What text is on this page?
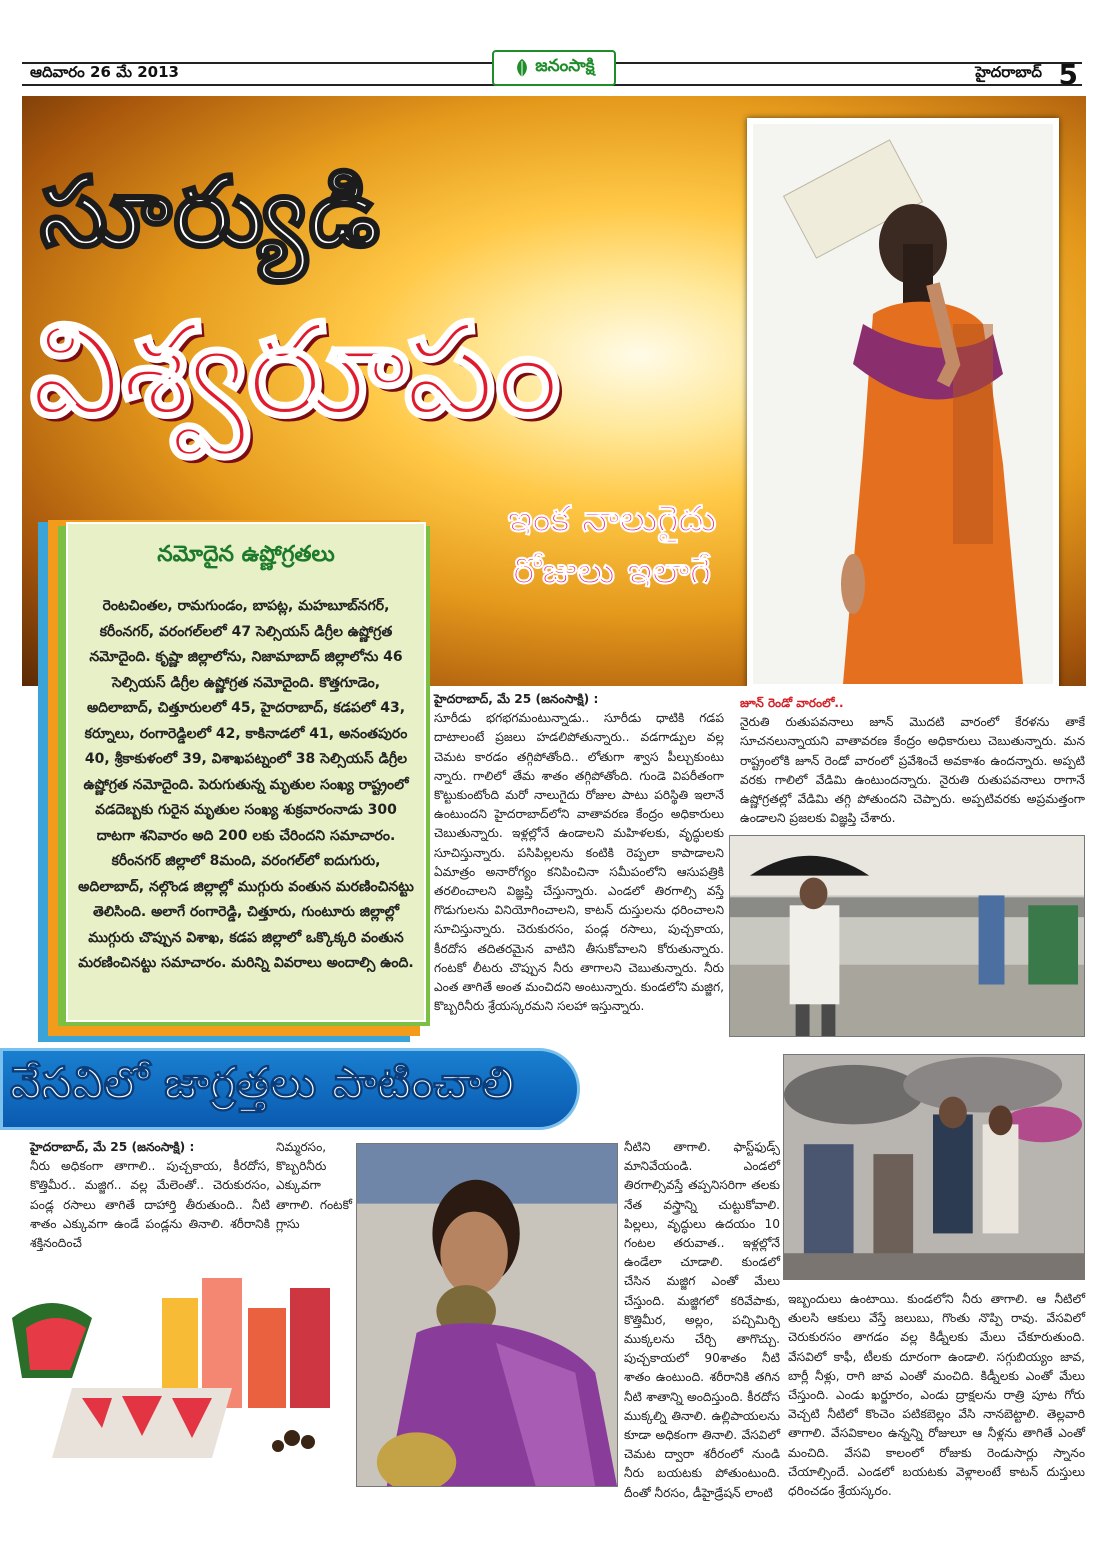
ఆదివారం 26 మే 2013	జనంసాక్షి	హైదరాబాద్ 5
సూర్యుడి
విశ్వరూపం
ఇంక నాలుగైదు
రోజులు ఇలాగే
నమోదైన ఉష్ణోగ్రతలు
రెంటచింతల, రామగుండం, బాపట్ల, మహబూబ్‌నగర్, కరీంనగర్, వరంగల్‌లలో 47 సెల్సియస్ డిగ్రీల ఉష్ణోగ్రత నమోదైంది. కృష్ణా జిల్లాలోను, నిజామాబాద్ జిల్లాలోను 46 సెల్సియస్ డిగ్రీల ఉష్ణోగ్రత నమోదైంది. కొత్తగూడెం, అదిలాబాద్, చిత్తూరులలో 45, హైదరాబాద్, కడపలో 43, కర్నూలు, రంగారెడ్డిలలో 42, కాకినాడలో 41, అనంతపురం 40, శ్రీకాకుళంలో 39, విశాఖపట్నంలో 38 సెల్సియస్ డిగ్రీల ఉష్ణోగ్రత నమోదైంది. పెరుగుతున్న మృతుల సంఖ్య రాష్ట్రంలో వడదెబ్బకు గురైన మృతుల సంఖ్య శుక్రవారంనాడు 300 దాటగా శనివారం అది 200 లకు చేరిందని సమాచారం. కరీంనగర్ జిల్లాలో 8మంది, వరంగల్‌లో ఐదుగురు, అదిలాబాద్, నల్గొండ జిల్లాల్లో ముగ్గురు వంతున మరణించినట్టు తెలిసింది. అలాగే రంగారెడ్డి, చిత్తూరు, గుంటూరు జిల్లాల్లో ముగ్గురు చొప్పున విశాఖ, కడప జిల్లాలో ఒక్కొక్కరి వంతున మరణించినట్టు సమాచారం. మరిన్ని వివరాలు అందాల్సి ఉంది.
హైదరాబాద్, మే 25 (జనంసాక్షి) :
సూరీడు భగభగమంటున్నాడు.. సూరీడు ధాటికి గడప దాటాలంటే ప్రజలు హడలిపోతున్నారు.. వడగాడ్పుల వల్ల చెమట కారడం తగ్గిపోతోంది.. లోతుగా శ్వాస పీల్చుకుంటు న్నారు. గాలిలో తేమ శాతం తగ్గిపోతోంది. గుండె విపరీతంగా కొట్టుకుంటోంది మరో నాలుగైదు రోజుల పాటు పరిస్థితి ఇలానే ఉంటుందని హైదరాబాద్‌లోని వాతావరణ కేంద్రం అధికారులు చెబుతున్నారు. ఇళ్లల్లోనే ఉండాలని మహిళలకు, వృద్ధులకు సూచిస్తున్నారు. పసిపిల్లలను కంటికి రెప్పలా కాపాడాలని ఏమాత్రం అనారోగ్యం కనిపించినా సమీపంలోని ఆసుపత్రికి తరలించాలని విజ్ఞప్తి చేస్తున్నారు. ఎండలో తిరగాల్సి వస్తే గొడుగులను వినియోగించాలని, కాటన్ దుస్తులను ధరించాలని సూచిస్తున్నారు. చెరుకురసం, పండ్ల రసాలు, పుచ్చకాయ, కీరదోస తదితరమైన వాటిని తీసుకోవాలని కోరుతున్నారు. గంటకో లీటరు చొప్పున నీరు తాగాలని చెబుతున్నారు. నీరు ఎంత తాగితే అంత మంచిదని అంటున్నారు. కుండలోని మజ్జిగ, కొబ్బరినీరు శ్రేయస్కరమని సలహా ఇస్తున్నారు.
జూన్ రెండో వారంలో..
నైరుతి రుతుపవనాలు జూన్ మొదటి వారంలో కేరళను తాకే సూచనలున్నాయని వాతావరణ కేంద్రం అధికారులు చెబుతున్నారు. మన రాష్ట్రంలోకి జూన్ రెండో వారంలో ప్రవేశించే అవకాశం ఉందన్నారు. అప్పటి వరకు గాలిలో వేడిమి ఉంటుందన్నారు. నైరుతి రుతుపవనాలు రాగానే ఉష్ణోగ్రతల్లో వేడిమి తగ్గి పోతుందని చెప్పారు. అప్పటివరకు అప్రమత్తంగా ఉండాలని ప్రజలకు విజ్ఞప్తి చేశారు.
వేసవిలో జాగ్రత్తలు పాటించాలి
హైదరాబాద్, మే 25 (జనంసాక్షి) :
నీరు అధికంగా తాగాలి.. పుచ్చకాయ, కీరదోస, కొత్తిమీర.. మజ్జిగ.. వల్ల మేలెంతో.. చెరుకురసం, పండ్ల రసాలు తాగితే దాహార్తి తీరుతుంది.. నీటి శాతం ఎక్కువగా ఉండే పండ్లను తినాలి. శరీరానికి శక్తినందించే
నిమ్మరసం, కొబ్బరినీరు ఎక్కువగా తాగాలి. గంటకో గ్లాసు
నీటిని తాగాలి. ఫాస్ట్‌ఫుడ్స్ మానివేయండి. ఎండలో తిరగాల్సివస్తే తప్పనిసరిగా తలకు నేత వస్త్రాన్ని చుట్టుకోవాలి. పిల్లలు, వృద్ధులు ఉదయం 10 గంటల తరువాత.. ఇళ్లల్లోనే ఉండేలా చూడాలి. కుండలో చేసిన మజ్జిగ ఎంతో మేలు చేస్తుంది. మజ్జిగలో కరివేపాకు, కొత్తిమీర, అల్లం, పచ్చిమిర్చి ముక్కలను చేర్చి తాగొచ్చు. పుచ్చకాయలో 90శాతం నీటి శాతం ఉంటుంది. శరీరానికి తగిన నీటి శాతాన్ని అందిస్తుంది. కీరదోస ముక్కల్ని తినాలి. ఉల్లిపాయలను కూడా అధికంగా తినాలి. వేసవిలో చెమట ద్వారా శరీరంలో నుండి నీరు బయటకు పోతుంటుంది. దీంతో నీరసం, డీహైడ్రేషన్ లాంటి
ఇబ్బందులు ఉంటాయి. కుండలోని నీరు తాగాలి. ఆ నీటిలో తులసి ఆకులు వేస్తే జలుబు, గొంతు నొప్పి రావు. వేసవిలో చెరుకురసం తాగడం వల్ల కిడ్నీలకు మేలు చేకూరుతుంది. వేసవిలో కాఫీ, టీలకు దూరంగా ఉండాలి. సగ్గుబియ్యం జావ, బార్లీ నీళ్లు, రాగి జావ ఎంతో మంచిది. కిడ్నీలకు ఎంతో మేలు చేస్తుంది. ఎండు ఖర్జూరం, ఎండు ద్రాక్షలను రాత్రి పూట గోరు వెచ్చటి నీటిలో కొంచెం పటికబెల్లం వేసి నానబెట్టాలి. తెల్లవారి తాగాలి. వేసవికాలం ఉన్నన్ని రోజులూ ఆ నీళ్లను తాగితే ఎంతో మంచిది. వేసవి కాలంలో రోజుకు రెండుసార్లు స్నానం చేయాల్సిందే. ఎండలో బయటకు వెళ్లాలంటే కాటన్ దుస్తులు ధరించడం శ్రేయస్కరం.
